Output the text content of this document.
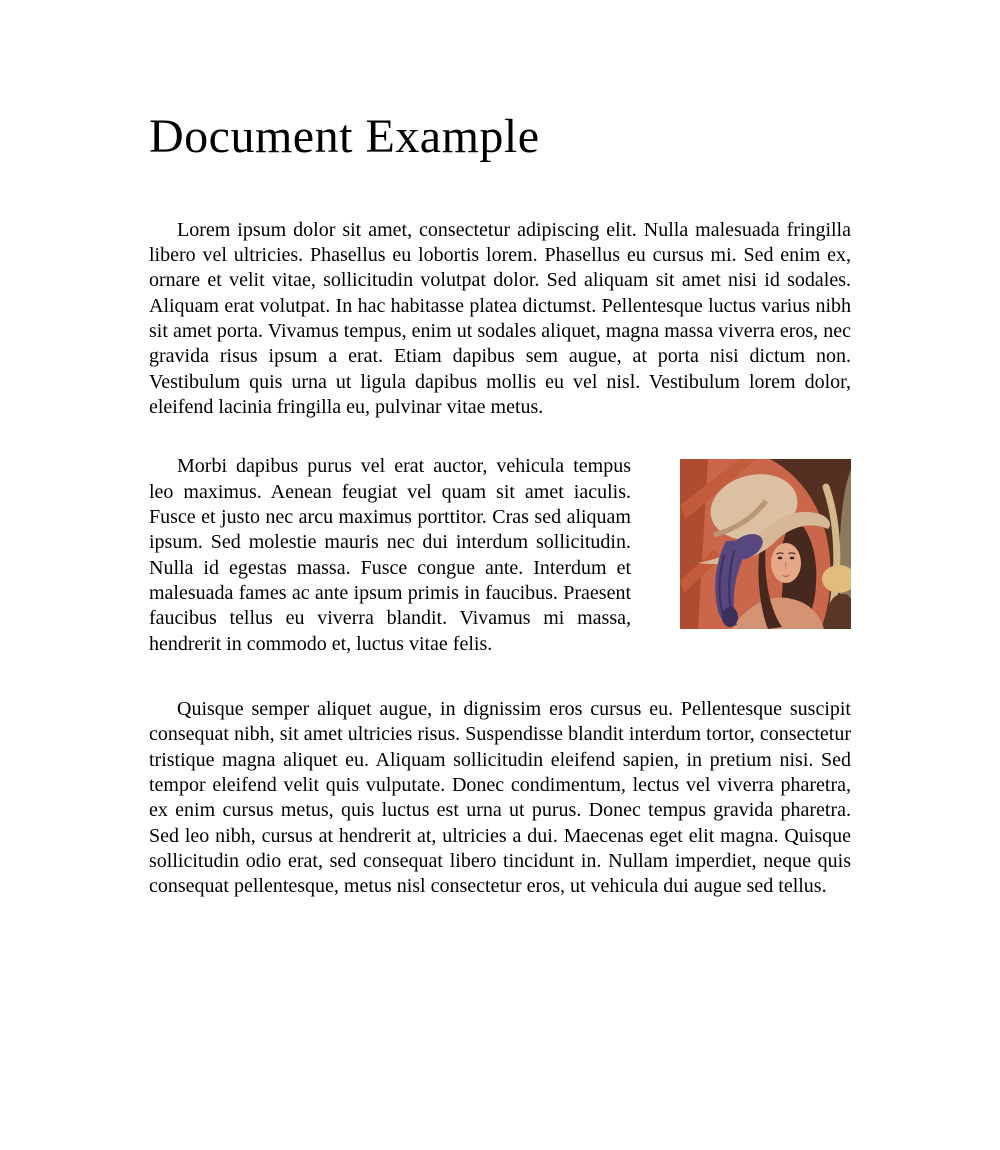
Document Example

Lorem ipsum dolor sit amet, consectetur adipiscing elit. Nulla malesuada fringilla libero vel ultricies. Phasellus eu lobortis lorem. Phasellus eu cursus mi. Sed enim ex, ornare et velit vitae, sollicitudin volutpat dolor. Sed aliquam sit amet nisi id sodales. Aliquam erat volutpat. In hac habitasse platea dictumst. Pellentesque luctus varius nibh sit amet porta. Vivamus tempus, enim ut sodales aliquet, magna massa viverra eros, nec gravida risus ipsum a erat. Etiam dapibus sem augue, at porta nisi dictum non. Vestibulum quis urna ut ligula dapibus mollis eu vel nisl. Vestibulum lorem dolor, eleifend lacinia fringilla eu, pulvinar vitae metus.

Morbi dapibus purus vel erat auctor, vehicula tempus leo maximus. Aenean feugiat vel quam sit amet iaculis. Fusce et justo nec arcu maximus porttitor. Cras sed aliquam ipsum. Sed molestie mauris nec dui interdum sollicitudin. Nulla id egestas massa. Fusce congue ante. Interdum et malesuada fames ac ante ipsum primis in faucibus. Praesent faucibus tellus eu viverra blandit. Vivamus mi massa, hendrerit in commodo et, luctus vitae felis.

Quisque semper aliquet augue, in dignissim eros cursus eu. Pellentesque suscipit consequat nibh, sit amet ultricies risus. Suspendisse blandit interdum tortor, consectetur tristique magna aliquet eu. Aliquam sollicitudin eleifend sapien, in pretium nisi. Sed tempor eleifend velit quis vulputate. Donec condimentum, lectus vel viverra pharetra, ex enim cursus metus, quis luctus est urna ut purus. Donec tempus gravida pharetra. Sed leo nibh, cursus at hendrerit at, ultricies a dui. Maecenas eget elit magna. Quisque sollicitudin odio erat, sed consequat libero tincidunt in. Nullam imperdiet, neque quis consequat pellentesque, metus nisl consectetur eros, ut vehicula dui augue sed tellus.
